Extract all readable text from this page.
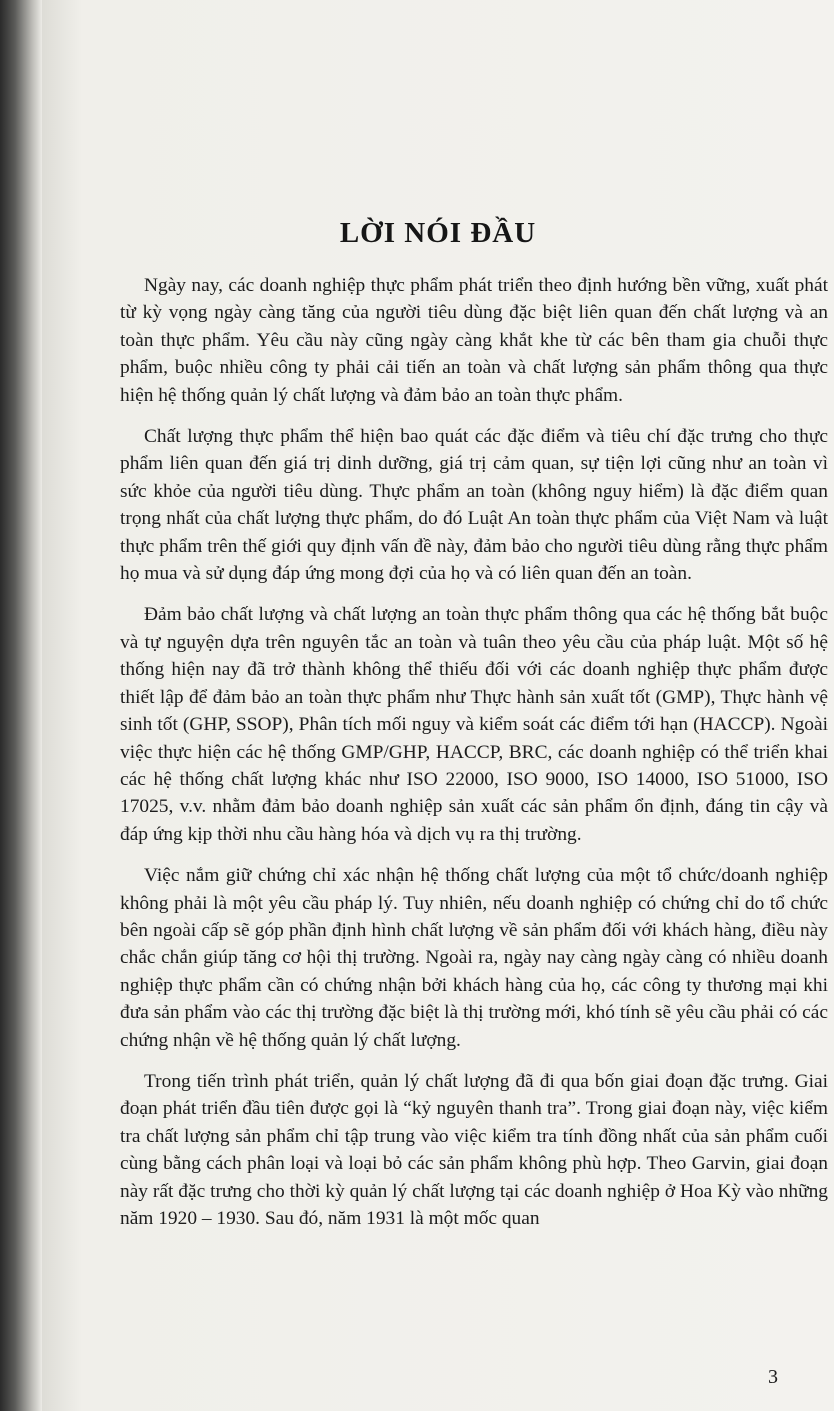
LỜI NÓI ĐẦU

Ngày nay, các doanh nghiệp thực phẩm phát triển theo định hướng bền vững, xuất phát từ kỳ vọng ngày càng tăng của người tiêu dùng đặc biệt liên quan đến chất lượng và an toàn thực phẩm. Yêu cầu này cũng ngày càng khắt khe từ các bên tham gia chuỗi thực phẩm, buộc nhiều công ty phải cải tiến an toàn và chất lượng sản phẩm thông qua thực hiện hệ thống quản lý chất lượng và đảm bảo an toàn thực phẩm.

Chất lượng thực phẩm thể hiện bao quát các đặc điểm và tiêu chí đặc trưng cho thực phẩm liên quan đến giá trị dinh dưỡng, giá trị cảm quan, sự tiện lợi cũng như an toàn vì sức khỏe của người tiêu dùng. Thực phẩm an toàn (không nguy hiểm) là đặc điểm quan trọng nhất của chất lượng thực phẩm, do đó Luật An toàn thực phẩm của Việt Nam và luật thực phẩm trên thế giới quy định vấn đề này, đảm bảo cho người tiêu dùng rằng thực phẩm họ mua và sử dụng đáp ứng mong đợi của họ và có liên quan đến an toàn.

Đảm bảo chất lượng và chất lượng an toàn thực phẩm thông qua các hệ thống bắt buộc và tự nguyện dựa trên nguyên tắc an toàn và tuân theo yêu cầu của pháp luật. Một số hệ thống hiện nay đã trở thành không thể thiếu đối với các doanh nghiệp thực phẩm được thiết lập để đảm bảo an toàn thực phẩm như Thực hành sản xuất tốt (GMP), Thực hành vệ sinh tốt (GHP, SSOP), Phân tích mối nguy và kiểm soát các điểm tới hạn (HACCP). Ngoài việc thực hiện các hệ thống GMP/GHP, HACCP, BRC, các doanh nghiệp có thể triển khai các hệ thống chất lượng khác như ISO 22000, ISO 9000, ISO 14000, ISO 51000, ISO 17025, v.v. nhằm đảm bảo doanh nghiệp sản xuất các sản phẩm ổn định, đáng tin cậy và đáp ứng kịp thời nhu cầu hàng hóa và dịch vụ ra thị trường.

Việc nắm giữ chứng chỉ xác nhận hệ thống chất lượng của một tổ chức/doanh nghiệp không phải là một yêu cầu pháp lý. Tuy nhiên, nếu doanh nghiệp có chứng chỉ do tổ chức bên ngoài cấp sẽ góp phần định hình chất lượng về sản phẩm đối với khách hàng, điều này chắc chắn giúp tăng cơ hội thị trường. Ngoài ra, ngày nay càng ngày càng có nhiều doanh nghiệp thực phẩm cần có chứng nhận bởi khách hàng của họ, các công ty thương mại khi đưa sản phẩm vào các thị trường đặc biệt là thị trường mới, khó tính sẽ yêu cầu phải có các chứng nhận về hệ thống quản lý chất lượng.

Trong tiến trình phát triển, quản lý chất lượng đã đi qua bốn giai đoạn đặc trưng. Giai đoạn phát triển đầu tiên được gọi là “kỷ nguyên thanh tra”. Trong giai đoạn này, việc kiểm tra chất lượng sản phẩm chỉ tập trung vào việc kiểm tra tính đồng nhất của sản phẩm cuối cùng bằng cách phân loại và loại bỏ các sản phẩm không phù hợp. Theo Garvin, giai đoạn này rất đặc trưng cho thời kỳ quản lý chất lượng tại các doanh nghiệp ở Hoa Kỳ vào những năm 1920 – 1930. Sau đó, năm 1931 là một mốc quan

3
